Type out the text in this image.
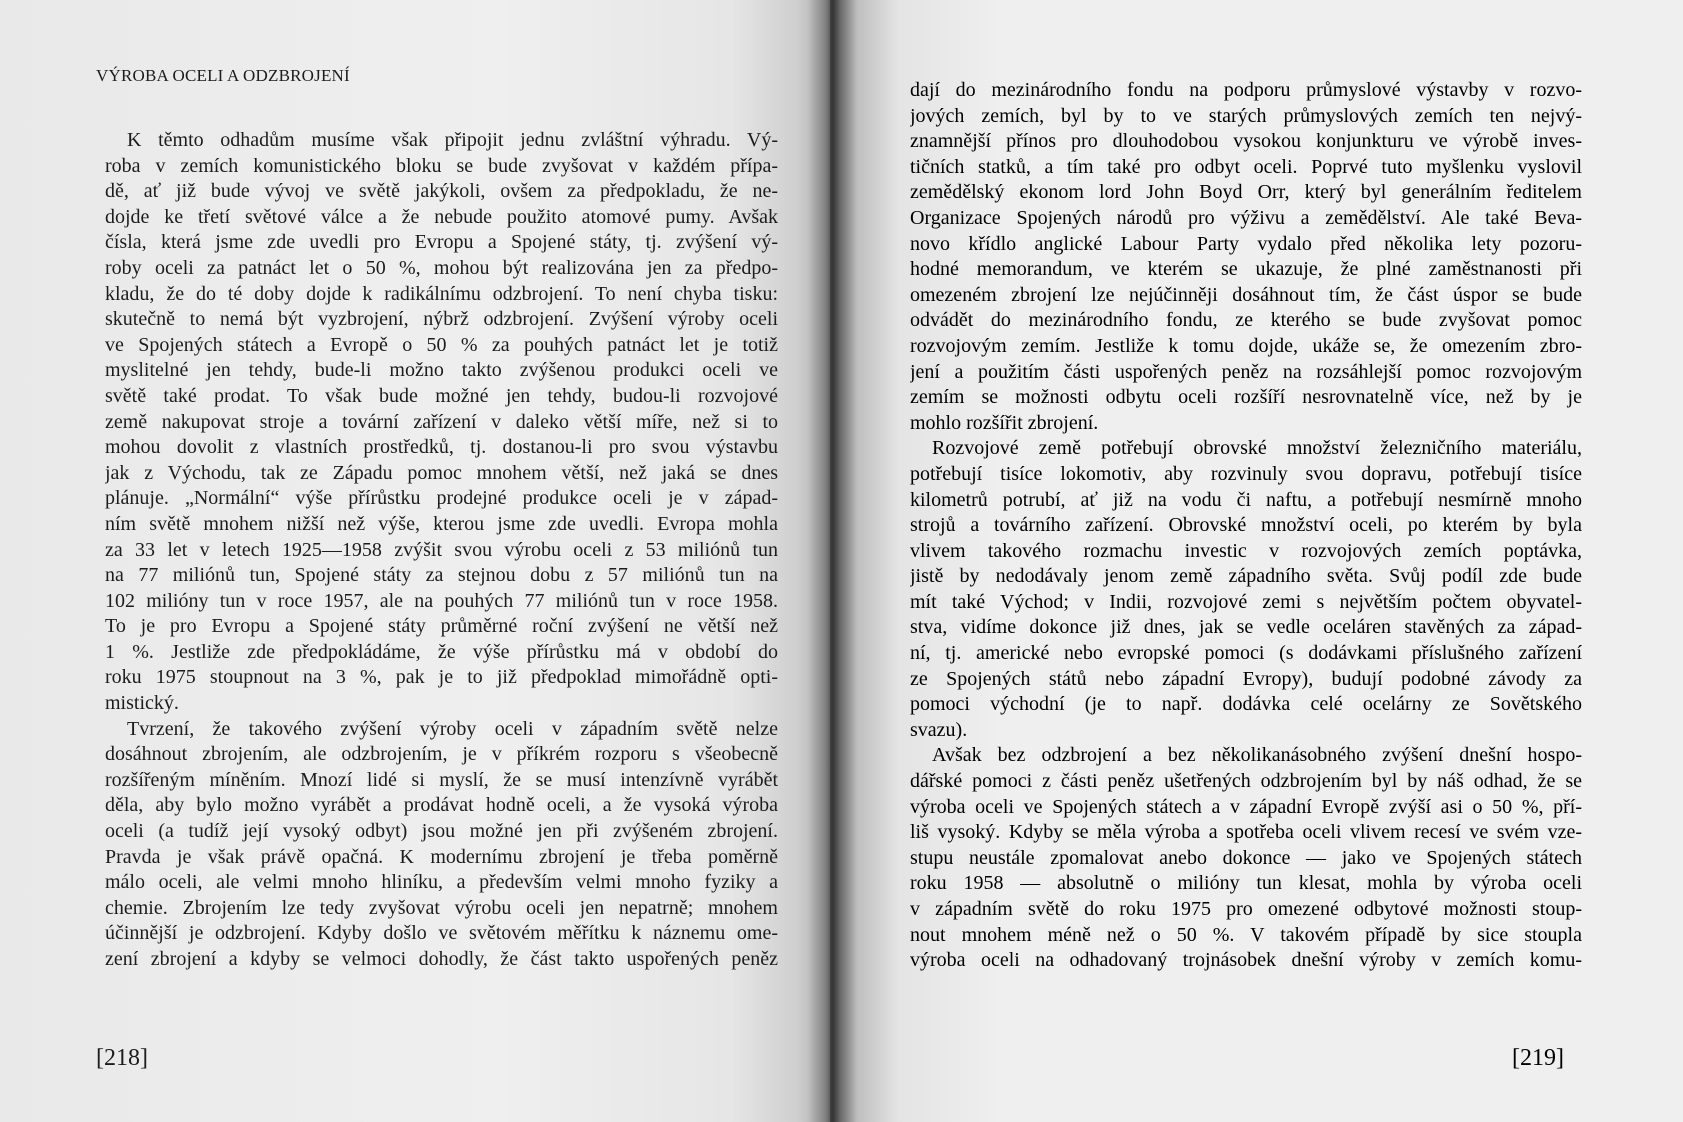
VÝROBA OCELI A ODZBROJENÍ
K těmto odhadům musíme však připojit jednu zvláštní výhradu. Vý-
roba v zemích komunistického bloku se bude zvyšovat v každém přípa-
dě, ať již bude vývoj ve světě jakýkoli, ovšem za předpokladu, že ne-
dojde ke třetí světové válce a že nebude použito atomové pumy. Avšak
čísla, která jsme zde uvedli pro Evropu a Spojené státy, tj. zvýšení vý-
roby oceli za patnáct let o 50 %, mohou být realizována jen za předpo-
kladu, že do té doby dojde k radikálnímu odzbrojení. To není chyba tisku:
skutečně to nemá být vyzbrojení, nýbrž odzbrojení. Zvýšení výroby oceli
ve Spojených státech a Evropě o 50 % za pouhých patnáct let je totiž
myslitelné jen tehdy, bude-li možno takto zvýšenou produkci oceli ve
světě také prodat. To však bude možné jen tehdy, budou-li rozvojové
země nakupovat stroje a tovární zařízení v daleko větší míře, než si to
mohou dovolit z vlastních prostředků, tj. dostanou-li pro svou výstavbu
jak z Východu, tak ze Západu pomoc mnohem větší, než jaká se dnes
plánuje. „Normální“ výše přírůstku prodejné produkce oceli je v západ-
ním světě mnohem nižší než výše, kterou jsme zde uvedli. Evropa mohla
za 33 let v letech 1925—1958 zvýšit svou výrobu oceli z 53 miliónů tun
na 77 miliónů tun, Spojené státy za stejnou dobu z 57 miliónů tun na
102 milióny tun v roce 1957, ale na pouhých 77 miliónů tun v roce 1958.
To je pro Evropu a Spojené státy průměrné roční zvýšení ne větší než
1 %. Jestliže zde předpokládáme, že výše přírůstku má v období do
roku 1975 stoupnout na 3 %, pak je to již předpoklad mimořádně opti-
mistický.
Tvrzení, že takového zvýšení výroby oceli v západním světě nelze
dosáhnout zbrojením, ale odzbrojením, je v příkrém rozporu s všeobecně
rozšířeným míněním. Mnozí lidé si myslí, že se musí intenzívně vyrábět
děla, aby bylo možno vyrábět a prodávat hodně oceli, a že vysoká výroba
oceli (a tudíž její vysoký odbyt) jsou možné jen při zvýšeném zbrojení.
Pravda je však právě opačná. K modernímu zbrojení je třeba poměrně
málo oceli, ale velmi mnoho hliníku, a především velmi mnoho fyziky a
chemie. Zbrojením lze tedy zvyšovat výrobu oceli jen nepatrně; mnohem
účinnější je odzbrojení. Kdyby došlo ve světovém měřítku k náznemu ome-
zení zbrojení a kdyby se velmoci dohodly, že část takto uspořených peněz
[218]
dají do mezinárodního fondu na podporu průmyslové výstavby v rozvo-
jových zemích, byl by to ve starých průmyslových zemích ten nejvý-
znamnější přínos pro dlouhodobou vysokou konjunkturu ve výrobě inves-
tičních statků, a tím také pro odbyt oceli. Poprvé tuto myšlenku vyslovil
zemědělský ekonom lord John Boyd Orr, který byl generálním ředitelem
Organizace Spojených národů pro výživu a zemědělství. Ale také Beva-
novo křídlo anglické Labour Party vydalo před několika lety pozoru-
hodné memorandum, ve kterém se ukazuje, že plné zaměstnanosti při
omezeném zbrojení lze nejúčinněji dosáhnout tím, že část úspor se bude
odvádět do mezinárodního fondu, ze kterého se bude zvyšovat pomoc
rozvojovým zemím. Jestliže k tomu dojde, ukáže se, že omezením zbro-
jení a použitím části uspořených peněz na rozsáhlejší pomoc rozvojovým
zemím se možnosti odbytu oceli rozšíří nesrovnatelně více, než by je
mohlo rozšířit zbrojení.
Rozvojové země potřebují obrovské množství železničního materiálu,
potřebují tisíce lokomotiv, aby rozvinuly svou dopravu, potřebují tisíce
kilometrů potrubí, ať již na vodu či naftu, a potřebují nesmírně mnoho
strojů a továrního zařízení. Obrovské množství oceli, po kterém by byla
vlivem takového rozmachu investic v rozvojových zemích poptávka,
jistě by nedodávaly jenom země západního světa. Svůj podíl zde bude
mít také Východ; v Indii, rozvojové zemi s největším počtem obyvatel-
stva, vidíme dokonce již dnes, jak se vedle oceláren stavěných za západ-
ní, tj. americké nebo evropské pomoci (s dodávkami příslušného zařízení
ze Spojených států nebo západní Evropy), budují podobné závody za
pomoci východní (je to např. dodávka celé ocelárny ze Sovětského
svazu).
Avšak bez odzbrojení a bez několikanásobného zvýšení dnešní hospo-
dářské pomoci z části peněz ušetřených odzbrojením byl by náš odhad, že se
výroba oceli ve Spojených státech a v západní Evropě zvýší asi o 50 %, pří-
liš vysoký. Kdyby se měla výroba a spotřeba oceli vlivem recesí ve svém vze-
stupu neustále zpomalovat anebo dokonce — jako ve Spojených státech
roku 1958 — absolutně o milióny tun klesat, mohla by výroba oceli
v západním světě do roku 1975 pro omezené odbytové možnosti stoup-
nout mnohem méně než o 50 %. V takovém případě by sice stoupla
výroba oceli na odhadovaný trojnásobek dnešní výroby v zemích komu-
[219]
